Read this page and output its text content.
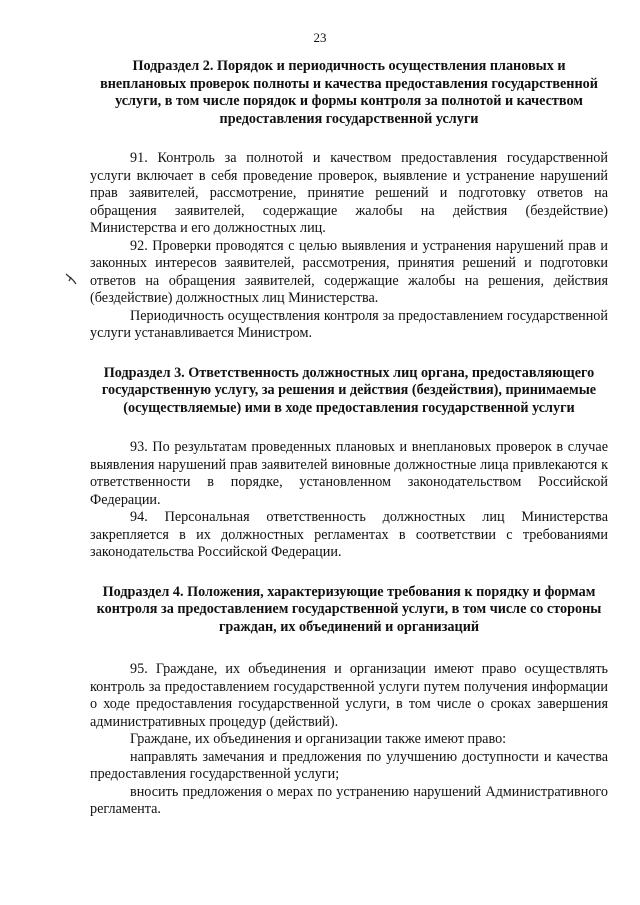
23
Подраздел 2. Порядок и периодичность осуществления плановых и внеплановых проверок полноты и качества предоставления государственной услуги, в том числе порядок и формы контроля за полнотой и качеством предоставления государственной услуги

91. Контроль за полнотой и качеством предоставления государственной услуги включает в себя проведение проверок, выявление и устранение нарушений прав заявителей, рассмотрение, принятие решений и подготовку ответов на обращения заявителей, содержащие жалобы на действия (бездействие) Министерства и его должностных лиц.

92. Проверки проводятся с целью выявления и устранения нарушений прав и законных интересов заявителей, рассмотрения, принятия решений и подготовки ответов на обращения заявителей, содержащие жалобы на решения, действия (бездействие) должностных лиц Министерства.

Периодичность осуществления контроля за предоставлением государственной услуги устанавливается Министром.

Подраздел 3. Ответственность должностных лиц органа, предоставляющего государственную услугу, за решения и действия (бездействия), принимаемые (осуществляемые) ими в ходе предоставления государственной услуги

93. По результатам проведенных плановых и внеплановых проверок в случае выявления нарушений прав заявителей виновные должностные лица привлекаются к ответственности в порядке, установленном законодательством Российской Федерации.

94. Персональная ответственность должностных лиц Министерства закрепляется в их должностных регламентах в соответствии с требованиями законодательства Российской Федерации.

Подраздел 4. Положения, характеризующие требования к порядку и формам контроля за предоставлением государственной услуги, в том числе со стороны граждан, их объединений и организаций

95. Граждане, их объединения и организации имеют право осуществлять контроль за предоставлением государственной услуги путем получения информации о ходе предоставления государственной услуги, в том числе о сроках завершения административных процедур (действий).

Граждане, их объединения и организации также имеют право:

направлять замечания и предложения по улучшению доступности и качества предоставления государственной услуги;

вносить предложения о мерах по устранению нарушений Административного регламента.
